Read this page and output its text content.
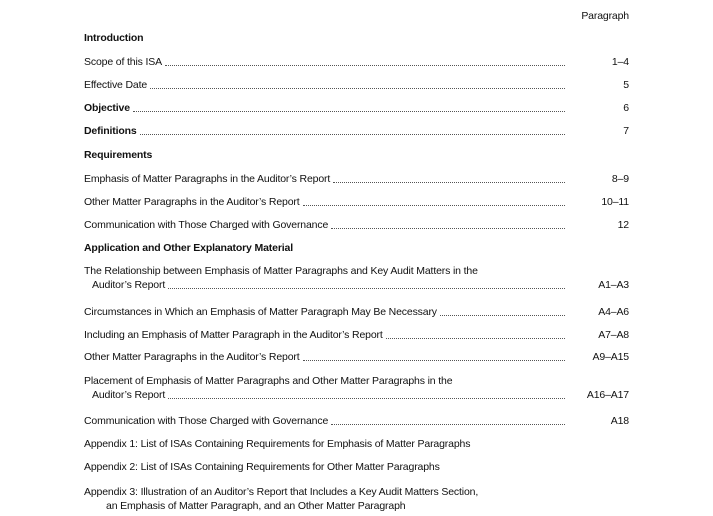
Paragraph
Introduction
Scope of this ISA	1–4
Effective Date	5
Objective	6
Definitions	7
Requirements
Emphasis of Matter Paragraphs in the Auditor’s Report	8–9
Other Matter Paragraphs in the Auditor’s Report	10–11
Communication with Those Charged with Governance	12
Application and Other Explanatory Material
The Relationship between Emphasis of Matter Paragraphs and Key Audit Matters in the
Auditor’s Report	A1–A3
Circumstances in Which an Emphasis of Matter Paragraph May Be Necessary	A4–A6
Including an Emphasis of Matter Paragraph in the Auditor’s Report	A7–A8
Other Matter Paragraphs in the Auditor’s Report	A9–A15
Placement of Emphasis of Matter Paragraphs and Other Matter Paragraphs in the
Auditor’s Report	A16–A17
Communication with Those Charged with Governance	A18
Appendix 1: List of ISAs Containing Requirements for Emphasis of Matter Paragraphs
Appendix 2: List of ISAs Containing Requirements for Other Matter Paragraphs
Appendix 3: Illustration of an Auditor’s Report that Includes a Key Audit Matters Section,
an Emphasis of Matter Paragraph, and an Other Matter Paragraph
